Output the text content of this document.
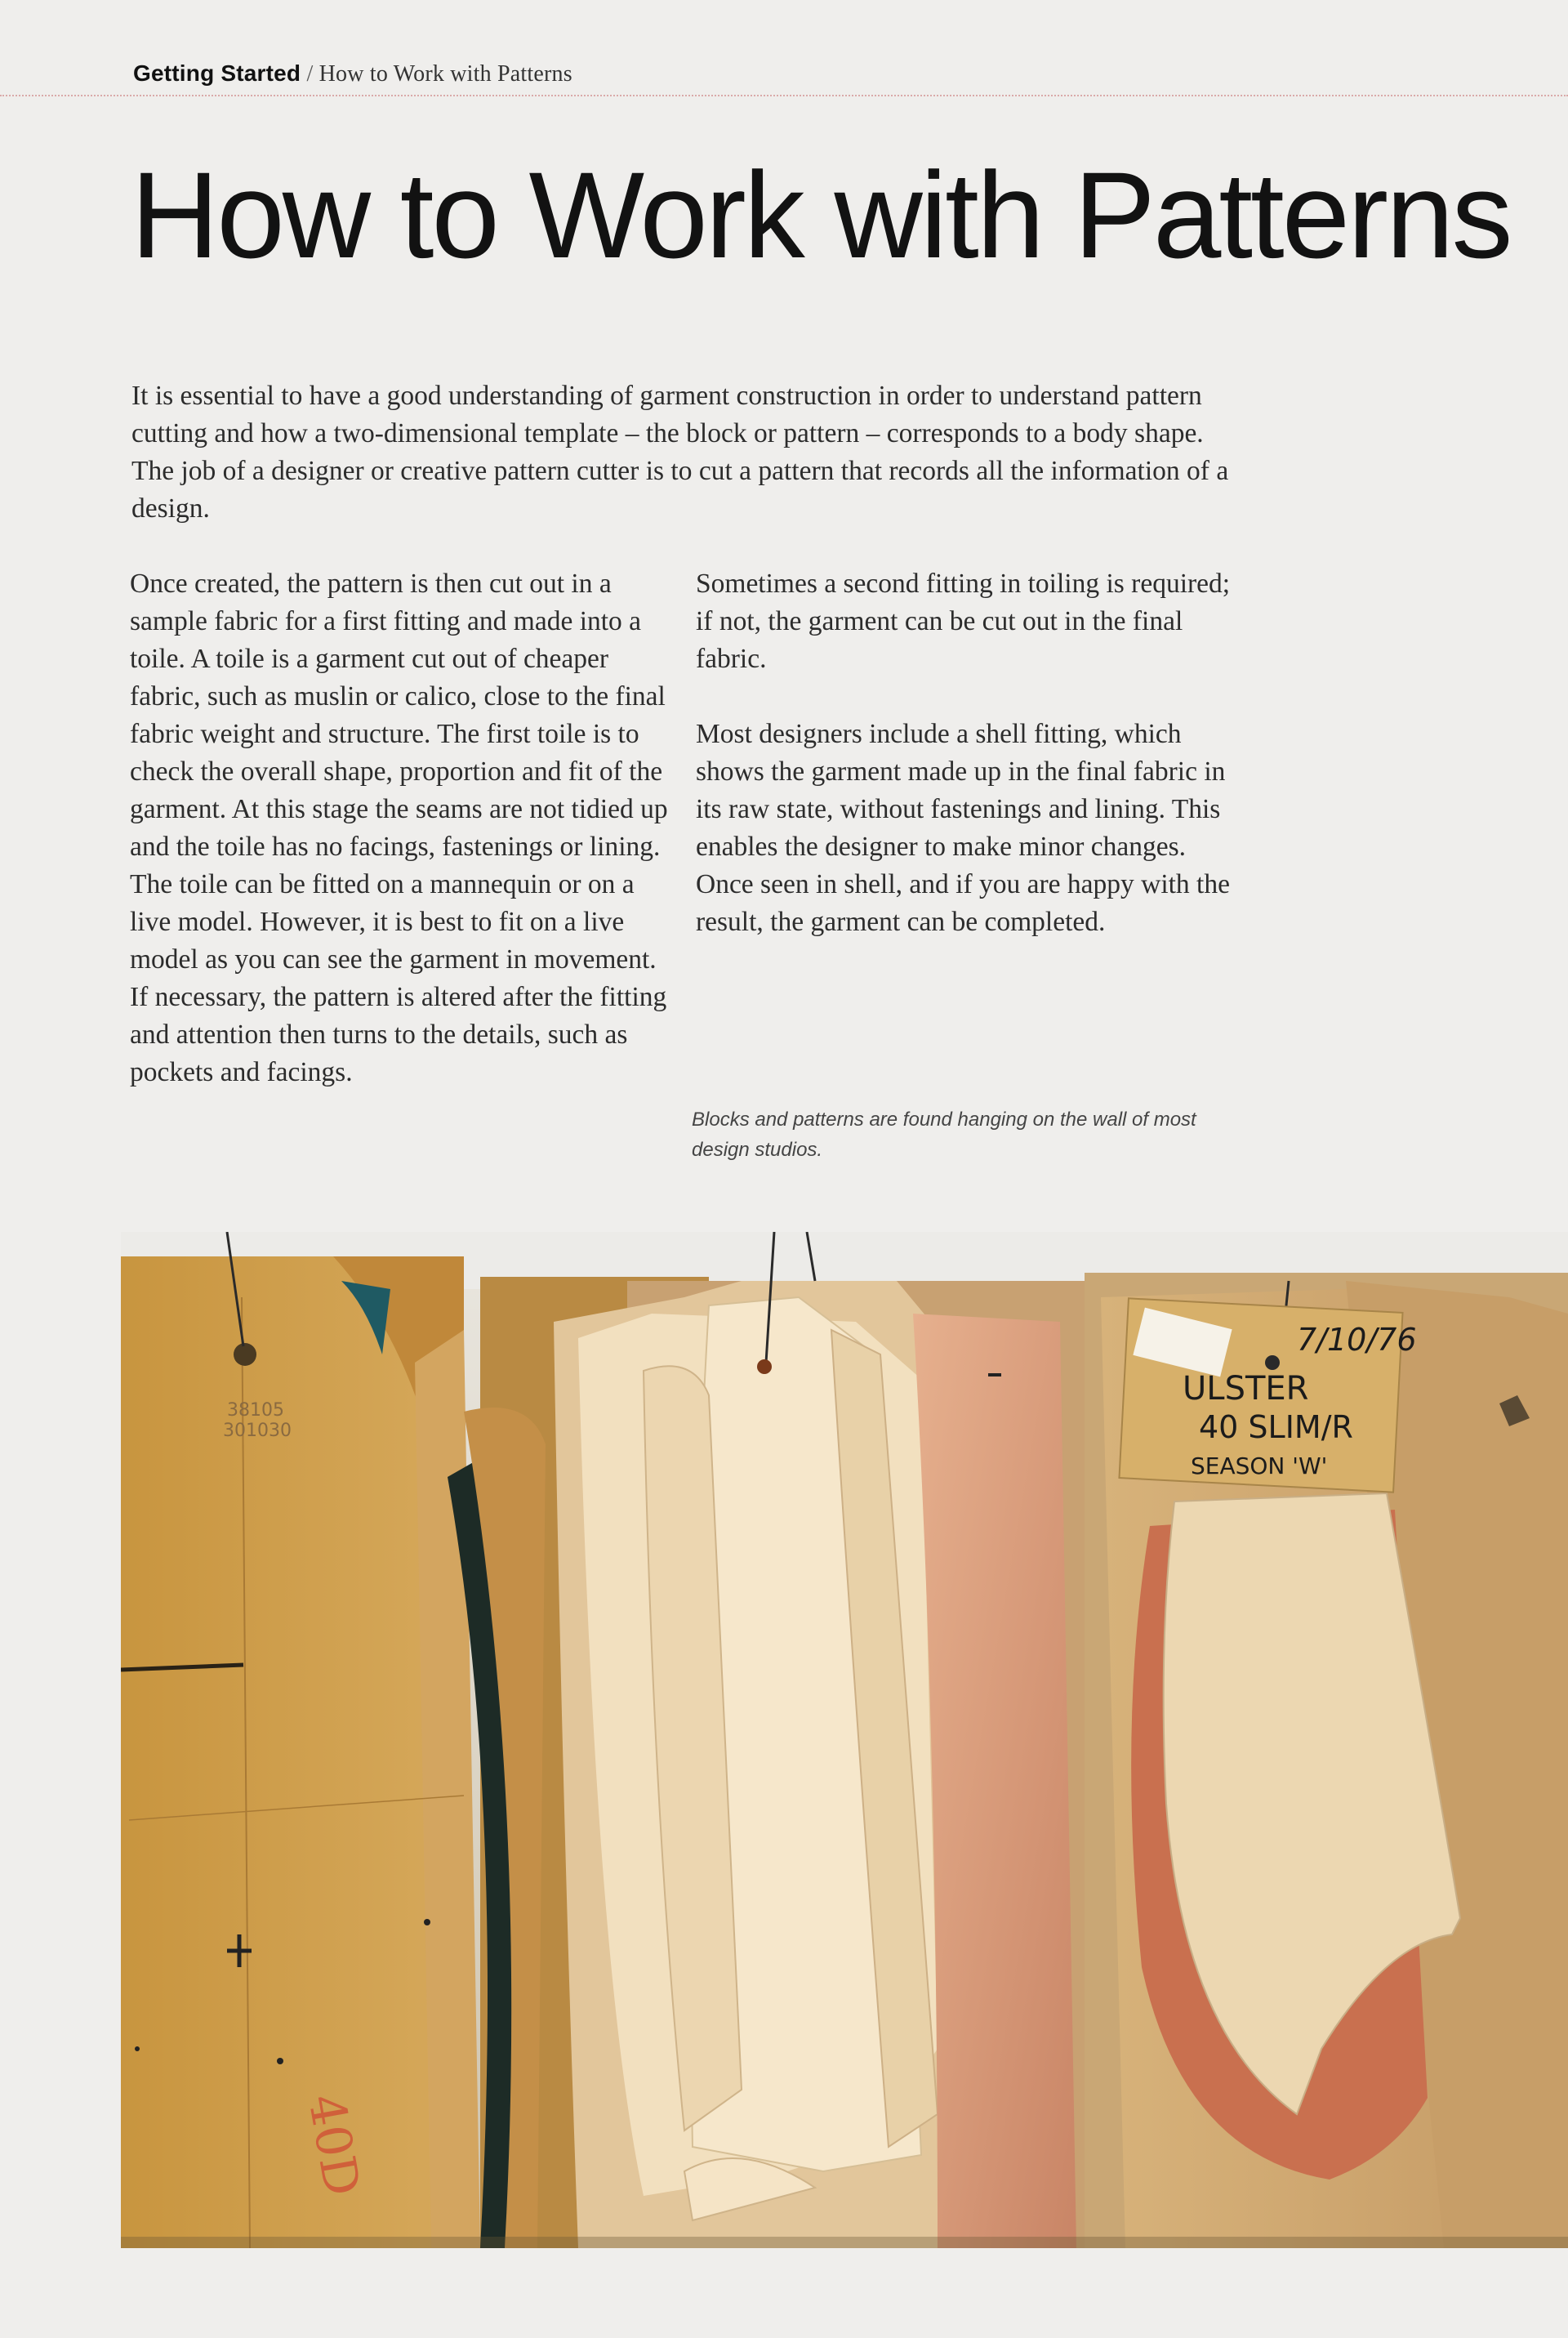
Getting Started / How to Work with Patterns
How to Work with Patterns

It is essential to have a good understanding of garment construction in order to understand pattern cutting and how a two-dimensional template – the block or pattern – corresponds to a body shape. The job of a designer or creative pattern cutter is to cut a pattern that records all the information of a design.

Once created, the pattern is then cut out in a sample fabric for a first fitting and made into a toile. A toile is a garment cut out of cheaper fabric, such as muslin or calico, close to the final fabric weight and structure. The first toile is to check the overall shape, proportion and fit of the garment. At this stage the seams are not tidied up and the toile has no facings, fastenings or lining. The toile can be fitted on a mannequin or on a live model. However, it is best to fit on a live model as you can see the garment in movement. If necessary, the pattern is altered after the fitting and attention then turns to the details, such as pockets and facings.

Sometimes a second fitting in toiling is required; if not, the garment can be cut out in the final fabric.

Most designers include a shell fitting, which shows the garment made up in the final fabric in its raw state, without fastenings and lining. This enables the designer to make minor changes. Once seen in shell, and if you are happy with the result, the garment can be completed.

Blocks and patterns are found hanging on the wall of most design studios.

38105
301030
40D
7/10/76
ULSTER
40 SLIM/R
SEASON 'W'
